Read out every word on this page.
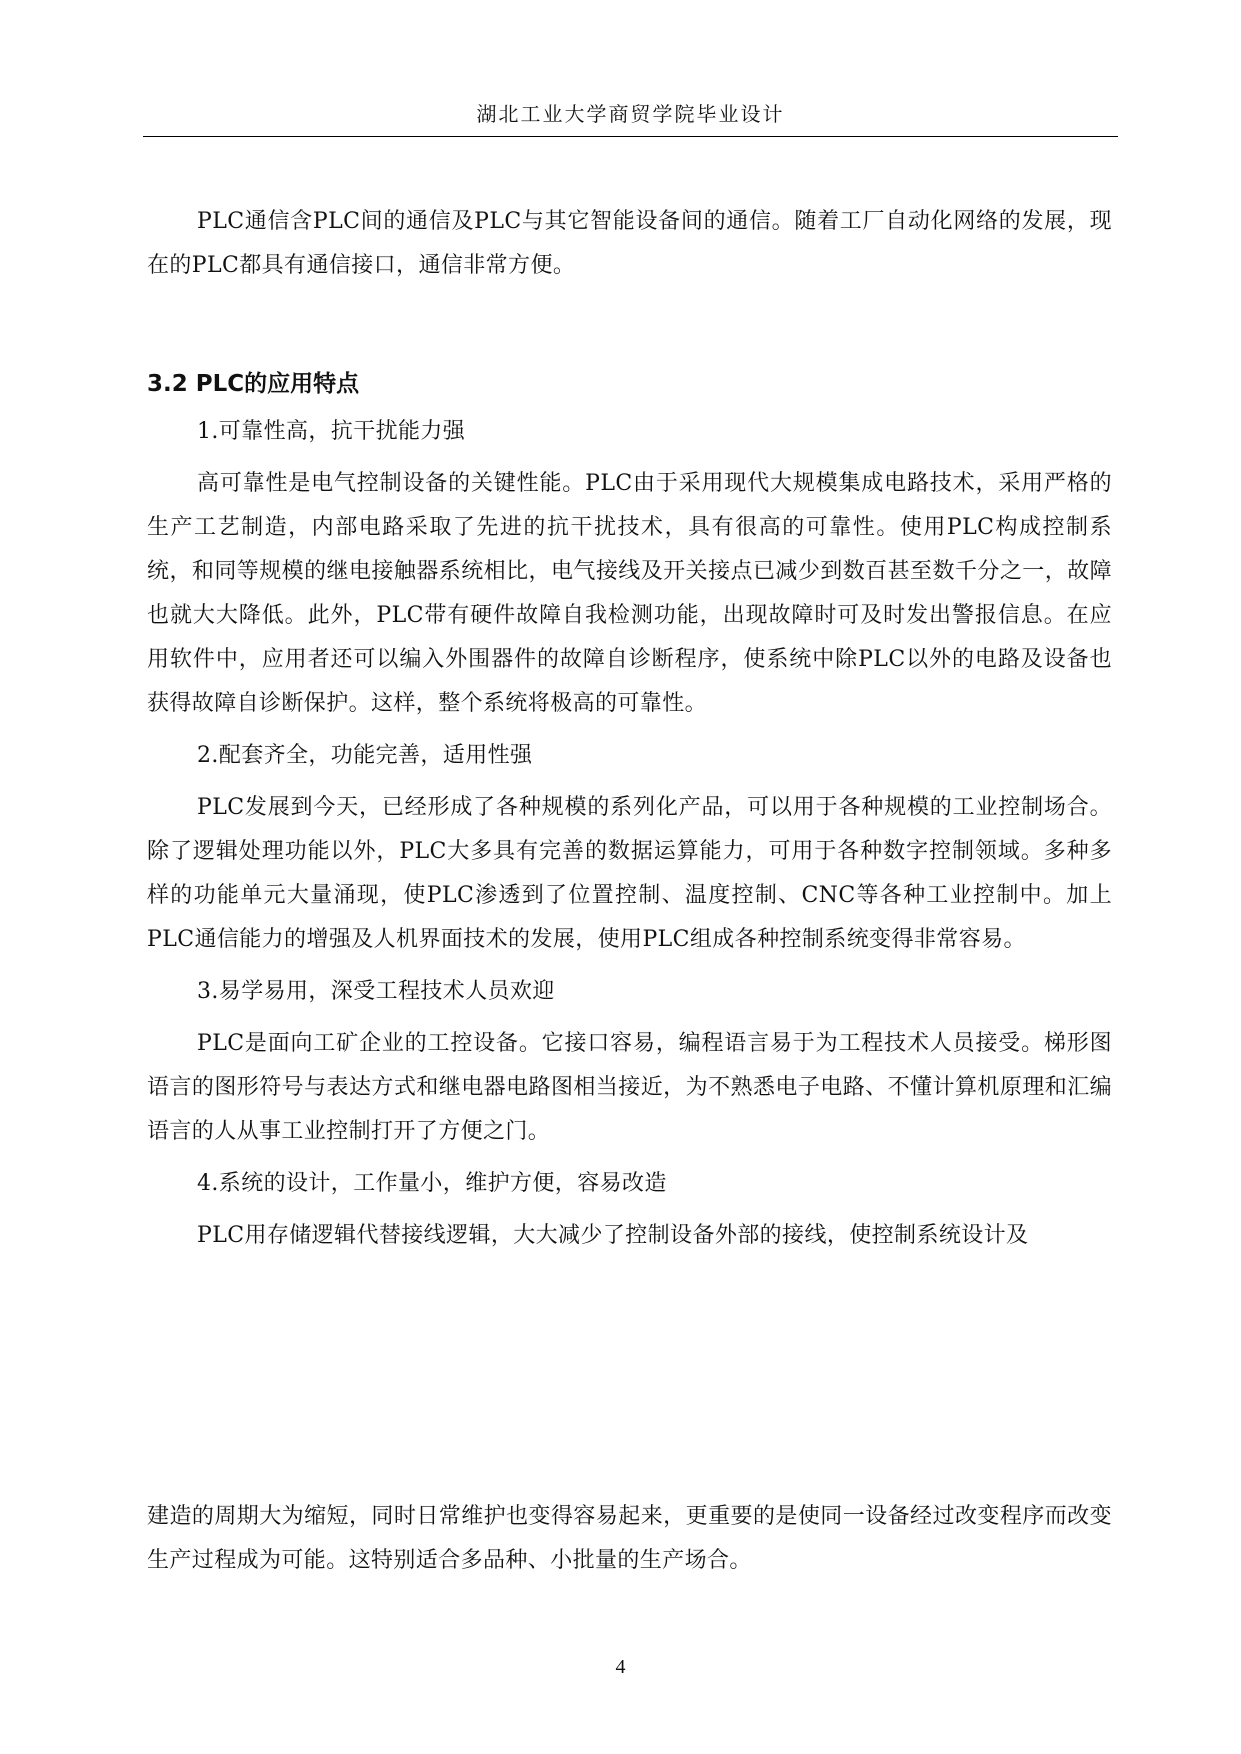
湖北工业大学商贸学院毕业设计

PLC通信含PLC间的通信及PLC与其它智能设备间的通信。随着工厂自动化网络的发展，现在的PLC都具有通信接口，通信非常方便。

3.2 PLC的应用特点

1.可靠性高，抗干扰能力强

高可靠性是电气控制设备的关键性能。PLC由于采用现代大规模集成电路技术，采用严格的生产工艺制造，内部电路采取了先进的抗干扰技术，具有很高的可靠性。使用PLC构成控制系统，和同等规模的继电接触器系统相比，电气接线及开关接点已减少到数百甚至数千分之一，故障也就大大降低。此外，PLC带有硬件故障自我检测功能，出现故障时可及时发出警报信息。在应用软件中，应用者还可以编入外围器件的故障自诊断程序，使系统中除PLC以外的电路及设备也获得故障自诊断保护。这样，整个系统将极高的可靠性。

2.配套齐全，功能完善，适用性强

PLC发展到今天，已经形成了各种规模的系列化产品，可以用于各种规模的工业控制场合。除了逻辑处理功能以外，PLC大多具有完善的数据运算能力，可用于各种数字控制领域。多种多样的功能单元大量涌现，使PLC渗透到了位置控制、温度控制、CNC等各种工业控制中。加上PLC通信能力的增强及人机界面技术的发展，使用PLC组成各种控制系统变得非常容易。

3.易学易用，深受工程技术人员欢迎

PLC是面向工矿企业的工控设备。它接口容易，编程语言易于为工程技术人员接受。梯形图语言的图形符号与表达方式和继电器电路图相当接近，为不熟悉电子电路、不懂计算机原理和汇编语言的人从事工业控制打开了方便之门。

4.系统的设计，工作量小，维护方便，容易改造

PLC用存储逻辑代替接线逻辑，大大减少了控制设备外部的接线，使控制系统设计及

建造的周期大为缩短，同时日常维护也变得容易起来，更重要的是使同一设备经过改变程序而改变生产过程成为可能。这特别适合多品种、小批量的生产场合。

4
